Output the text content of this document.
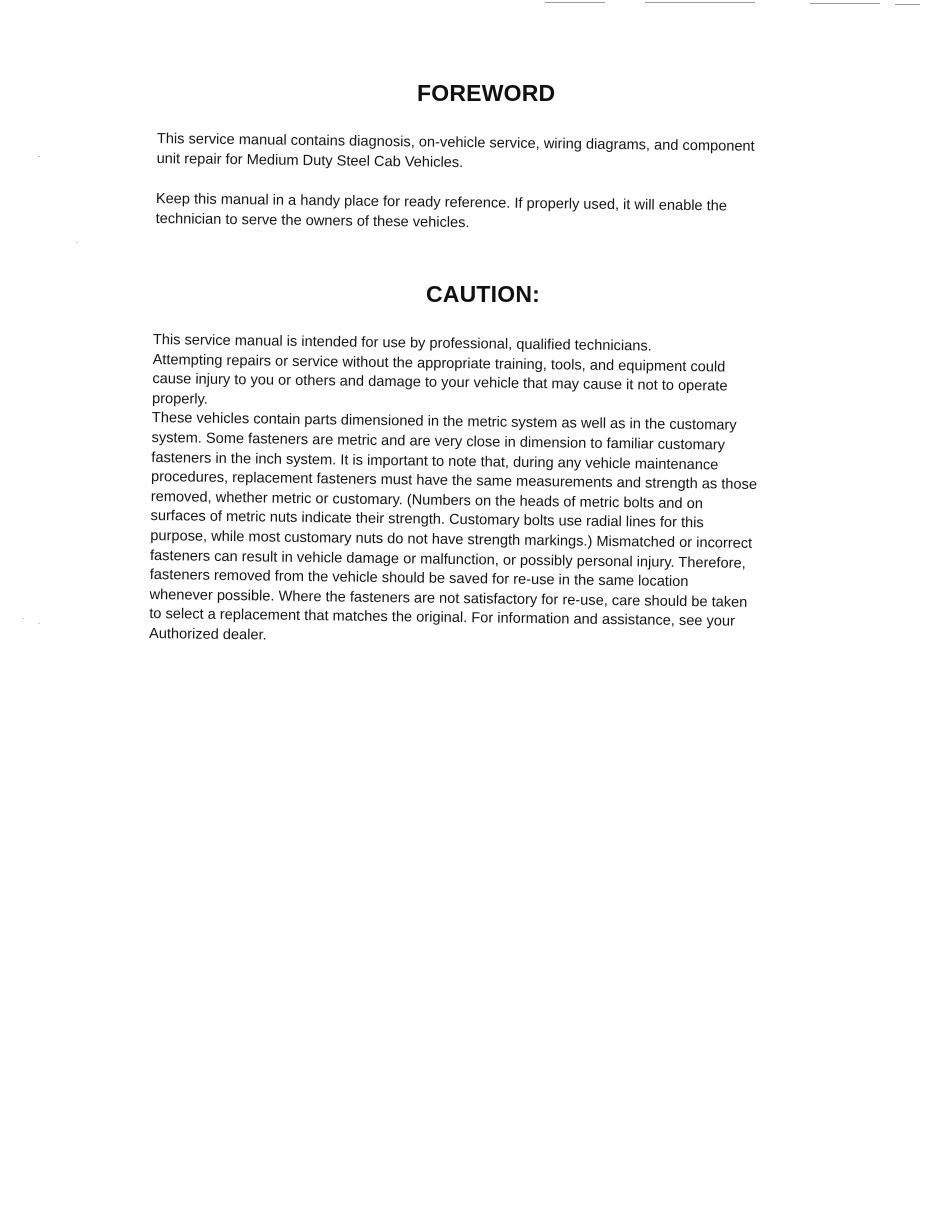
FOREWORD

This service manual contains diagnosis, on-vehicle service, wiring diagrams, and component
unit repair for Medium Duty Steel Cab Vehicles.

Keep this manual in a handy place for ready reference. If properly used, it will enable the
technician to serve the owners of these vehicles.

CAUTION:

This service manual is intended for use by professional, qualified technicians.
Attempting repairs or service without the appropriate training, tools, and equipment could
cause injury to you or others and damage to your vehicle that may cause it not to operate
properly.
These vehicles contain parts dimensioned in the metric system as well as in the customary
system. Some fasteners are metric and are very close in dimension to familiar customary
fasteners in the inch system. It is important to note that, during any vehicle maintenance
procedures, replacement fasteners must have the same measurements and strength as those
removed, whether metric or customary. (Numbers on the heads of metric bolts and on
surfaces of metric nuts indicate their strength. Customary bolts use radial lines for this
purpose, while most customary nuts do not have strength markings.) Mismatched or incorrect
fasteners can result in vehicle damage or malfunction, or possibly personal injury. Therefore,
fasteners removed from the vehicle should be saved for re-use in the same location
whenever possible. Where the fasteners are not satisfactory for re-use, care should be taken
to select a replacement that matches the original. For information and assistance, see your
Authorized dealer.
